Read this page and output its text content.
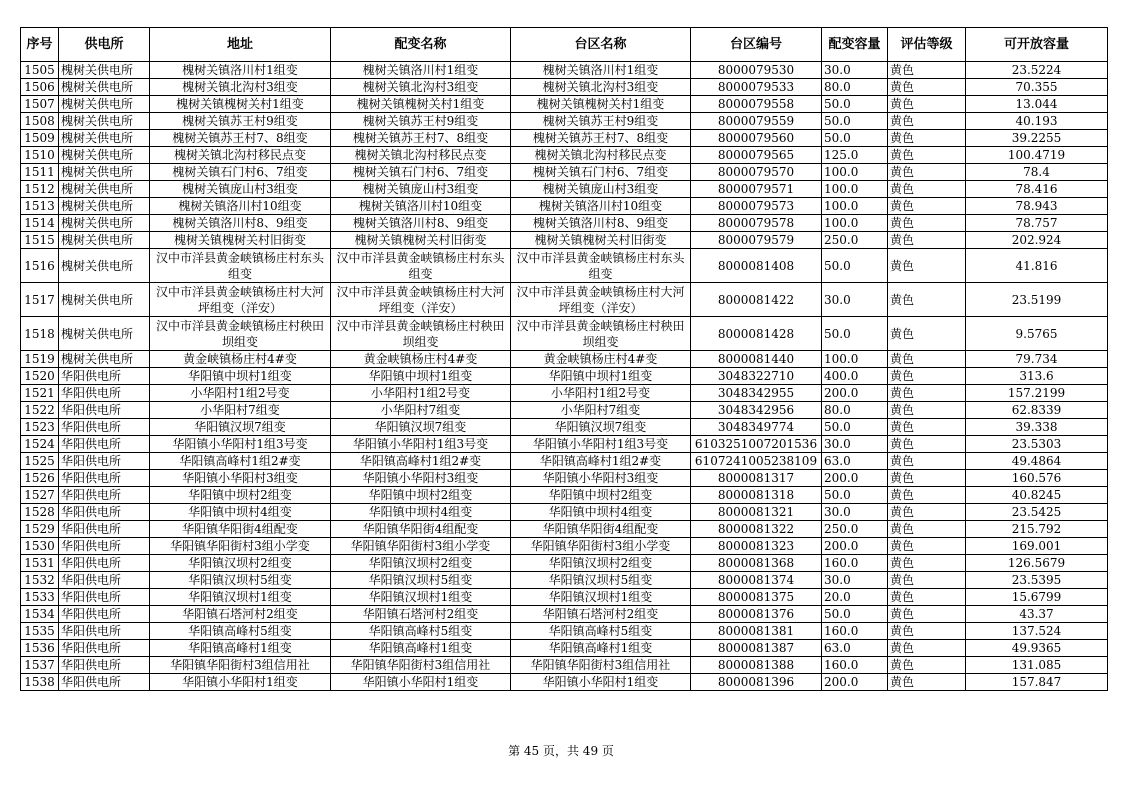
序号	供电所	地址	配变名称	台区名称	台区编号	配变容量	评估等级	可开放容量
1505	槐树关供电所	槐树关镇洛川村1组变	槐树关镇洛川村1组变	槐树关镇洛川村1组变	8000079530	30.0	黄色	23.5224
1506	槐树关供电所	槐树关镇北沟村3组变	槐树关镇北沟村3组变	槐树关镇北沟村3组变	8000079533	80.0	黄色	70.355
1507	槐树关供电所	槐树关镇槐树关村1组变	槐树关镇槐树关村1组变	槐树关镇槐树关村1组变	8000079558	50.0	黄色	13.044
1508	槐树关供电所	槐树关镇苏王村9组变	槐树关镇苏王村9组变	槐树关镇苏王村9组变	8000079559	50.0	黄色	40.193
1509	槐树关供电所	槐树关镇苏王村7、8组变	槐树关镇苏王村7、8组变	槐树关镇苏王村7、8组变	8000079560	50.0	黄色	39.2255
1510	槐树关供电所	槐树关镇北沟村移民点变	槐树关镇北沟村移民点变	槐树关镇北沟村移民点变	8000079565	125.0	黄色	100.4719
1511	槐树关供电所	槐树关镇石门村6、7组变	槐树关镇石门村6、7组变	槐树关镇石门村6、7组变	8000079570	100.0	黄色	78.4
1512	槐树关供电所	槐树关镇庞山村3组变	槐树关镇庞山村3组变	槐树关镇庞山村3组变	8000079571	100.0	黄色	78.416
1513	槐树关供电所	槐树关镇洛川村10组变	槐树关镇洛川村10组变	槐树关镇洛川村10组变	8000079573	100.0	黄色	78.943
1514	槐树关供电所	槐树关镇洛川村8、9组变	槐树关镇洛川村8、9组变	槐树关镇洛川村8、9组变	8000079578	100.0	黄色	78.757
1515	槐树关供电所	槐树关镇槐树关村旧街变	槐树关镇槐树关村旧街变	槐树关镇槐树关村旧街变	8000079579	250.0	黄色	202.924
1516	槐树关供电所	汉中市洋县黄金峡镇杨庄村东头组变	汉中市洋县黄金峡镇杨庄村东头组变	汉中市洋县黄金峡镇杨庄村东头组变	8000081408	50.0	黄色	41.816
1517	槐树关供电所	汉中市洋县黄金峡镇杨庄村大河坪组变（洋安）	汉中市洋县黄金峡镇杨庄村大河坪组变（洋安）	汉中市洋县黄金峡镇杨庄村大河坪组变（洋安）	8000081422	30.0	黄色	23.5199
1518	槐树关供电所	汉中市洋县黄金峡镇杨庄村秧田坝组变	汉中市洋县黄金峡镇杨庄村秧田坝组变	汉中市洋县黄金峡镇杨庄村秧田坝组变	8000081428	50.0	黄色	9.5765
1519	槐树关供电所	黄金峡镇杨庄村4#变	黄金峡镇杨庄村4#变	黄金峡镇杨庄村4#变	8000081440	100.0	黄色	79.734
1520	华阳供电所	华阳镇中坝村1组变	华阳镇中坝村1组变	华阳镇中坝村1组变	3048322710	400.0	黄色	313.6
1521	华阳供电所	小华阳村1组2号变	小华阳村1组2号变	小华阳村1组2号变	3048342955	200.0	黄色	157.2199
1522	华阳供电所	小华阳村7组变	小华阳村7组变	小华阳村7组变	3048342956	80.0	黄色	62.8339
1523	华阳供电所	华阳镇汉坝7组变	华阳镇汉坝7组变	华阳镇汉坝7组变	3048349774	50.0	黄色	39.338
1524	华阳供电所	华阳镇小华阳村1组3号变	华阳镇小华阳村1组3号变	华阳镇小华阳村1组3号变	6103251007201536	30.0	黄色	23.5303
1525	华阳供电所	华阳镇高峰村1组2#变	华阳镇高峰村1组2#变	华阳镇高峰村1组2#变	6107241005238109	63.0	黄色	49.4864
1526	华阳供电所	华阳镇小华阳村3组变	华阳镇小华阳村3组变	华阳镇小华阳村3组变	8000081317	200.0	黄色	160.576
1527	华阳供电所	华阳镇中坝村2组变	华阳镇中坝村2组变	华阳镇中坝村2组变	8000081318	50.0	黄色	40.8245
1528	华阳供电所	华阳镇中坝村4组变	华阳镇中坝村4组变	华阳镇中坝村4组变	8000081321	30.0	黄色	23.5425
1529	华阳供电所	华阳镇华阳街4组配变	华阳镇华阳街4组配变	华阳镇华阳街4组配变	8000081322	250.0	黄色	215.792
1530	华阳供电所	华阳镇华阳街村3组小学变	华阳镇华阳街村3组小学变	华阳镇华阳街村3组小学变	8000081323	200.0	黄色	169.001
1531	华阳供电所	华阳镇汉坝村2组变	华阳镇汉坝村2组变	华阳镇汉坝村2组变	8000081368	160.0	黄色	126.5679
1532	华阳供电所	华阳镇汉坝村5组变	华阳镇汉坝村5组变	华阳镇汉坝村5组变	8000081374	30.0	黄色	23.5395
1533	华阳供电所	华阳镇汉坝村1组变	华阳镇汉坝村1组变	华阳镇汉坝村1组变	8000081375	20.0	黄色	15.6799
1534	华阳供电所	华阳镇石塔河村2组变	华阳镇石塔河村2组变	华阳镇石塔河村2组变	8000081376	50.0	黄色	43.37
1535	华阳供电所	华阳镇高峰村5组变	华阳镇高峰村5组变	华阳镇高峰村5组变	8000081381	160.0	黄色	137.524
1536	华阳供电所	华阳镇高峰村1组变	华阳镇高峰村1组变	华阳镇高峰村1组变	8000081387	63.0	黄色	49.9365
1537	华阳供电所	华阳镇华阳街村3组信用社	华阳镇华阳街村3组信用社	华阳镇华阳街村3组信用社	8000081388	160.0	黄色	131.085
1538	华阳供电所	华阳镇小华阳村1组变	华阳镇小华阳村1组变	华阳镇小华阳村1组变	8000081396	200.0	黄色	157.847
第 45 页，共 49 页
